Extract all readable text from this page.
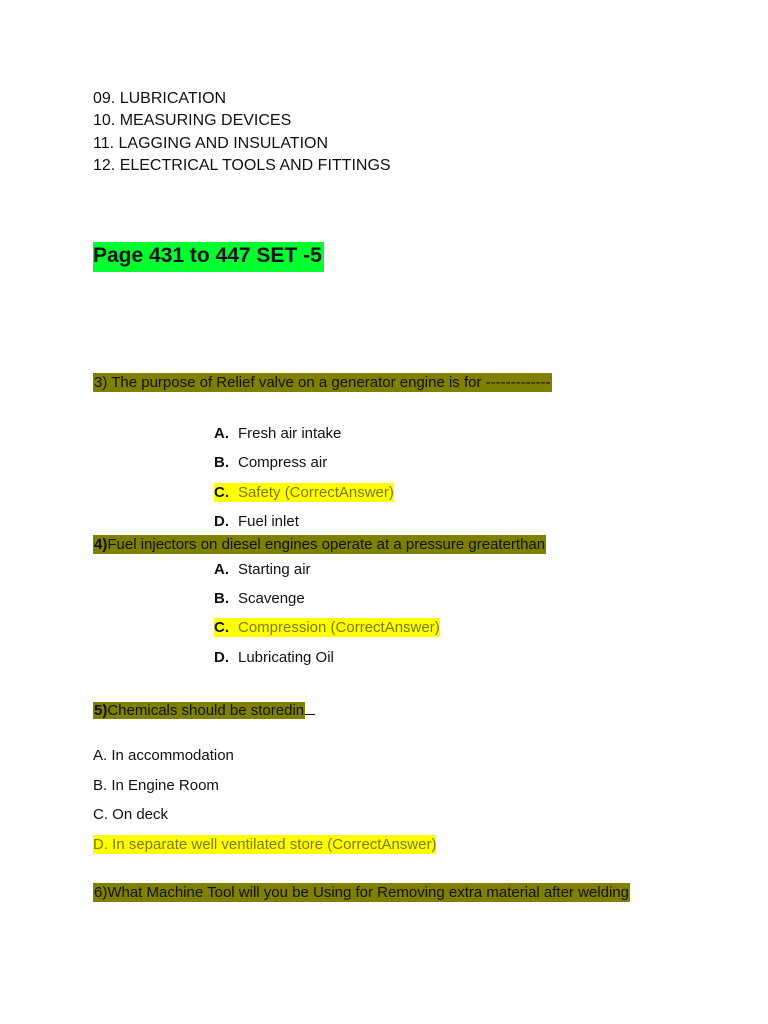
09. LUBRICATION
10. MEASURING DEVICES
11. LAGGING AND INSULATION
12. ELECTRICAL TOOLS AND FITTINGS
Page 431 to 447 SET -5
3) The purpose of Relief valve on a generator engine is for -------------
A. Fresh air intake
B. Compress air
C. Safety (CorrectAnswer)
D. Fuel inlet
4)Fuel injectors on diesel engines operate at a pressure greaterthan
A. Starting air
B. Scavenge
C. Compression (CorrectAnswer)
D. Lubricating Oil
5)Chemicals should be storedin
A. In accommodation
B. In Engine Room
C. On deck
D. In separate well ventilated store (CorrectAnswer)
6)What Machine Tool will you be Using for Removing extra material after welding
